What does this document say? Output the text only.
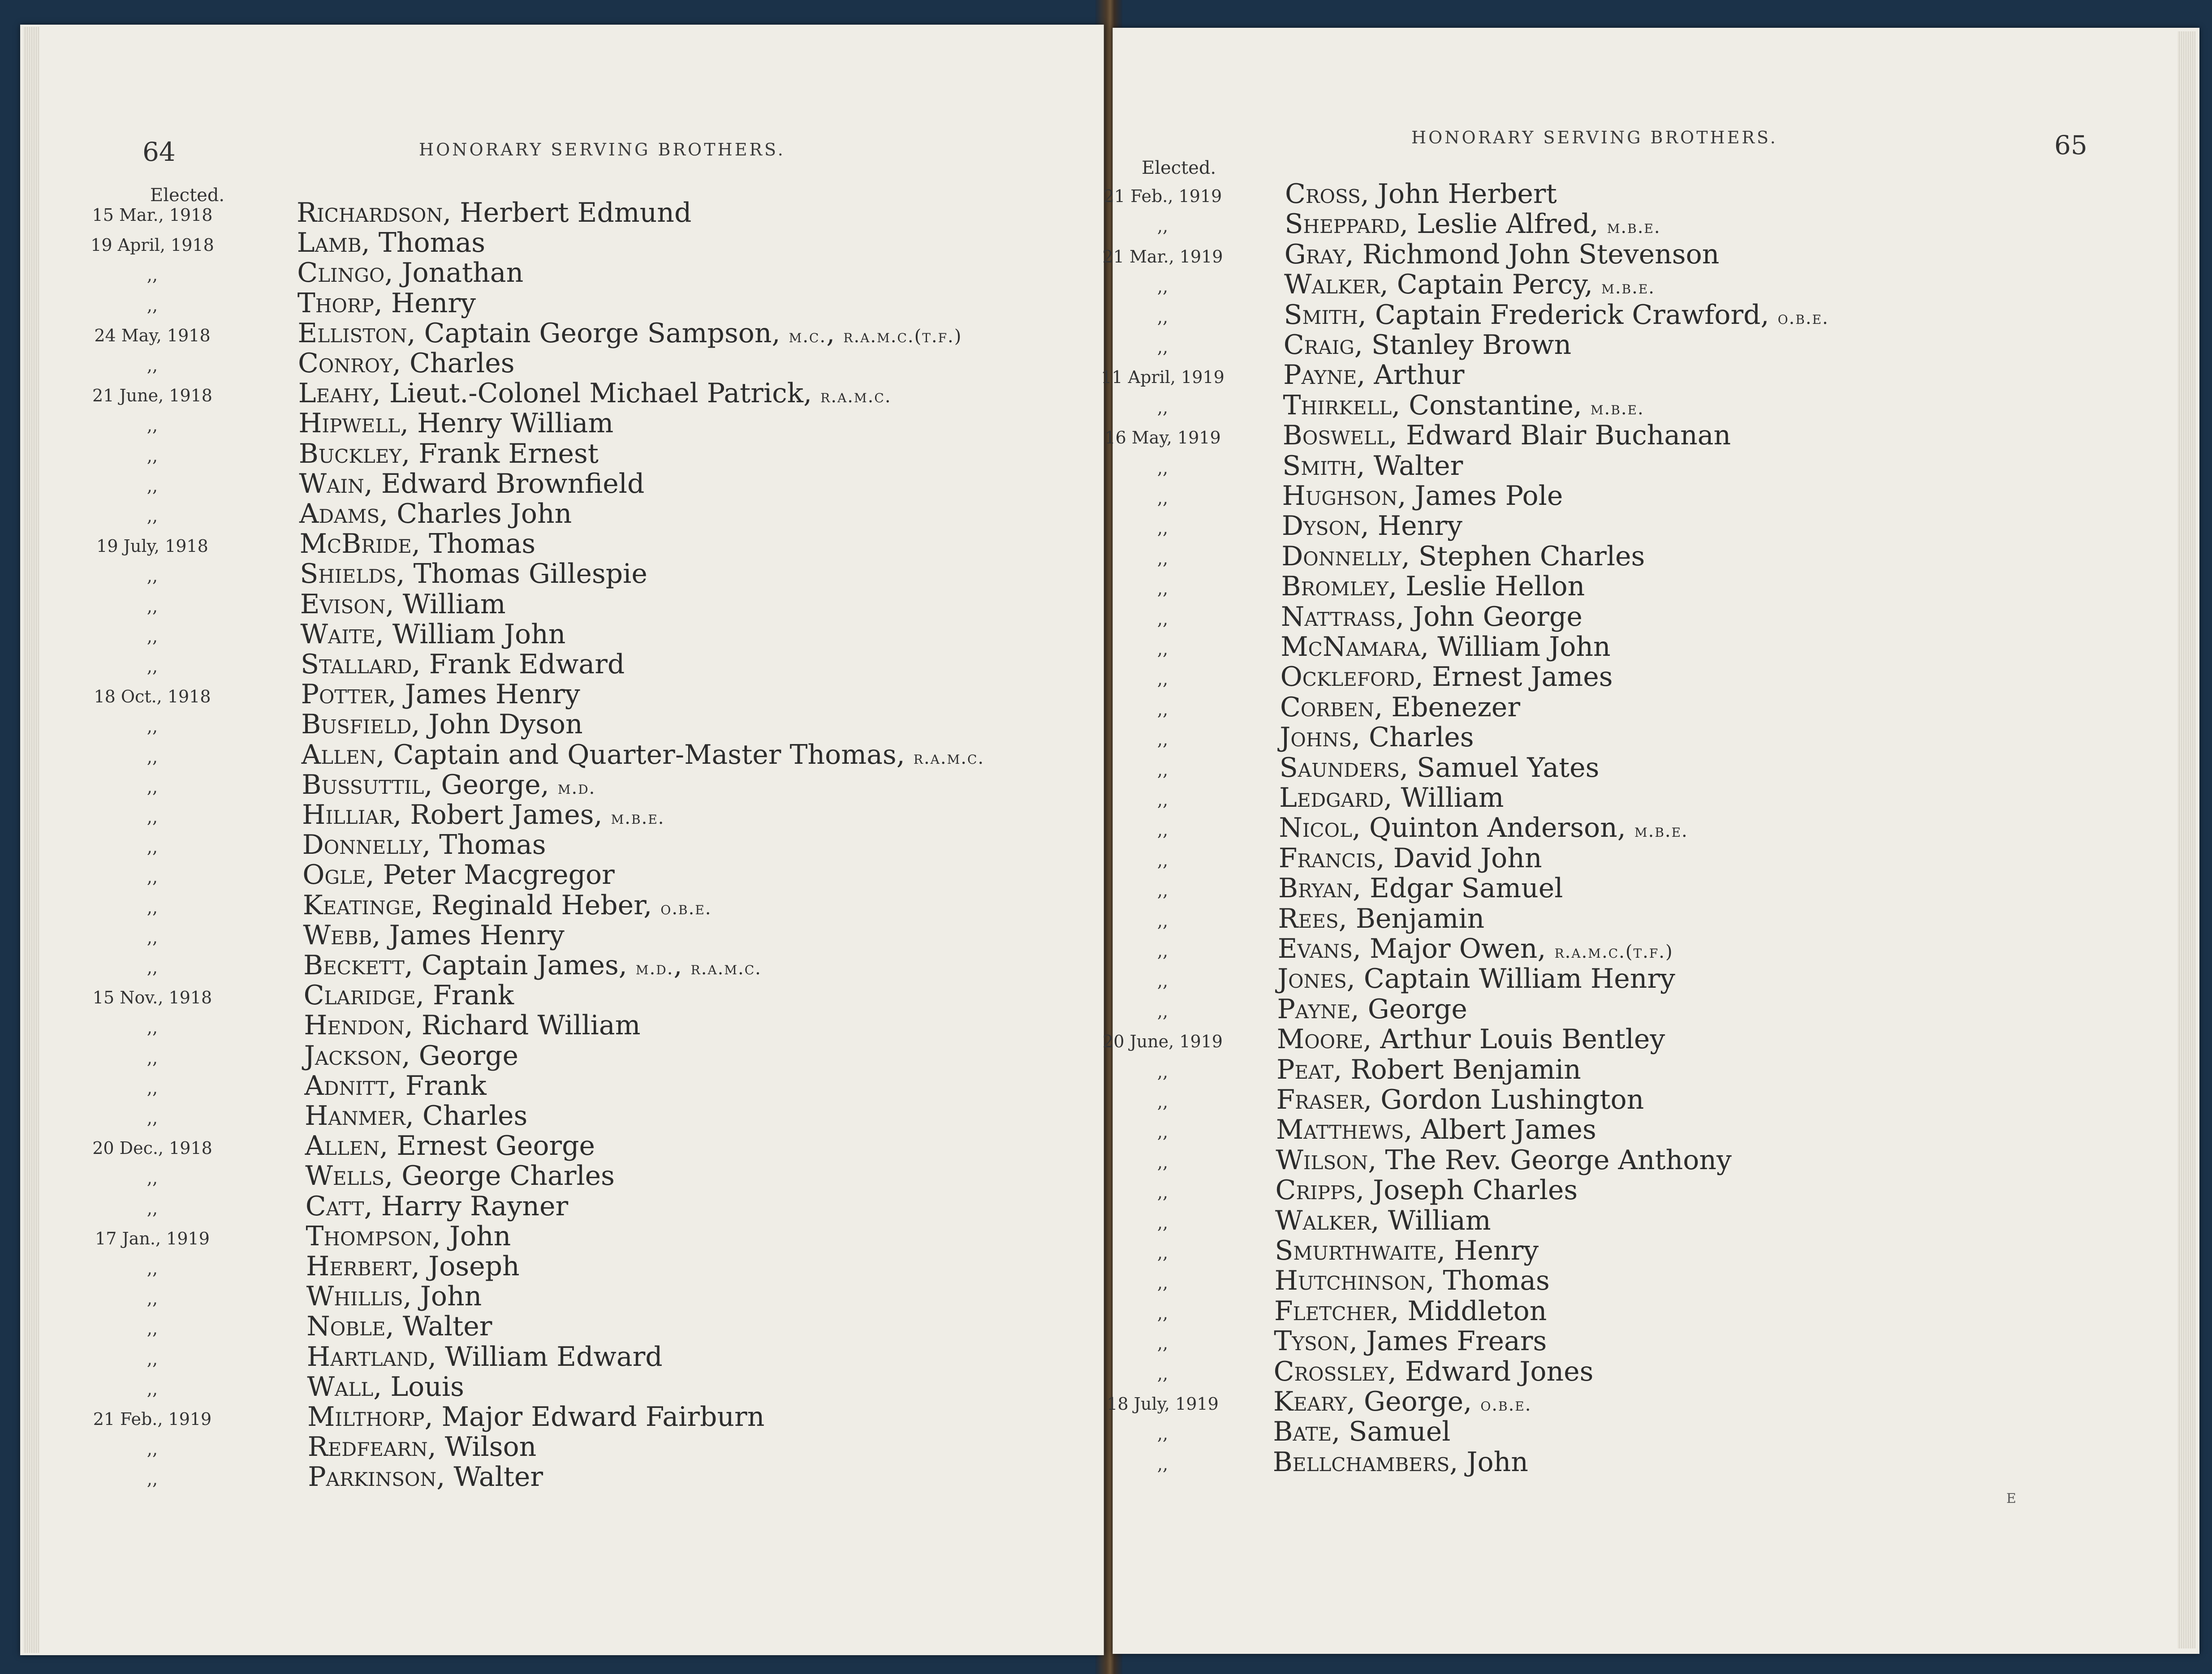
64	HONORARY SERVING BROTHERS.
Elected.
15 Mar., 1918	Richardson, Herbert Edmund
19 April, 1918	Lamb, Thomas
,,	Clingo, Jonathan
,,	Thorp, Henry
24 May, 1918	Elliston, Captain George Sampson, m.c., r.a.m.c.(t.f.)
,,	Conroy, Charles
21 June, 1918	Leahy, Lieut.-Colonel Michael Patrick, r.a.m.c.
,,	Hipwell, Henry William
,,	Buckley, Frank Ernest
,,	Wain, Edward Brownfield
,,	Adams, Charles John
19 July, 1918	McBride, Thomas
,,	Shields, Thomas Gillespie
,,	Evison, William
,,	Waite, William John
,,	Stallard, Frank Edward
18 Oct., 1918	Potter, James Henry
,,	Busfield, John Dyson
,,	Allen, Captain and Quarter-Master Thomas, r.a.m.c.
,,	Bussuttil, George, m.d.
,,	Hilliar, Robert James, m.b.e.
,,	Donnelly, Thomas
,,	Ogle, Peter Macgregor
,,	Keatinge, Reginald Heber, o.b.e.
,,	Webb, James Henry
,,	Beckett, Captain James, m.d., r.a.m.c.
15 Nov., 1918	Claridge, Frank
,,	Hendon, Richard William
,,	Jackson, George
,,	Adnitt, Frank
,,	Hanmer, Charles
20 Dec., 1918	Allen, Ernest George
,,	Wells, George Charles
,,	Catt, Harry Rayner
17 Jan., 1919	Thompson, John
,,	Herbert, Joseph
,,	Whillis, John
,,	Noble, Walter
,,	Hartland, William Edward
,,	Wall, Louis
21 Feb., 1919	Milthorp, Major Edward Fairburn
,,	Redfearn, Wilson
,,	Parkinson, Walter
65
HONORARY SERVING BROTHERS.
Elected.
21 Feb., 1919 Cross, John Herbert
,,	Sheppard, Leslie Alfred, m.b.e.
21 Mar., 1919 Gray, Richmond John Stevenson
,,	Walker, Captain Percy, m.b.e.
,,	Smith, Captain Frederick Crawford, o.b.e.
,,	Craig, Stanley Brown
11 April, 1919 Payne, Arthur
,,	Thirkell, Constantine, m.b.e.
16 May, 1919	Boswell, Edward Blair Buchanan
,,	Smith, Walter
,,	Hughson, James Pole
,,	Dyson, Henry
,,	Donnelly, Stephen Charles
,,	Bromley, Leslie Hellon
,,	Nattrass, John George
,,	McNamara, William John
,,	Ockleford, Ernest James
,,	Corben, Ebenezer
,,	Johns, Charles
,,	Saunders, Samuel Yates
,,	Ledgard, William
,,	Nicol, Quinton Anderson, m.b.e.
,,	Francis, David John
,,	Bryan, Edgar Samuel
,,	Rees, Benjamin
,,	Evans, Major Owen, r.a.m.c.(t.f.)
,,	Jones, Captain William Henry
,,	Payne, George
20 June, 1919 Moore, Arthur Louis Bentley
,,	Peat, Robert Benjamin
,,	Fraser, Gordon Lushington
,,	Matthews, Albert James
,,	Wilson, The Rev. George Anthony
,,	Cripps, Joseph Charles
,,	Walker, William
,,	Smurthwaite, Henry
,,	Hutchinson, Thomas
,,	Fletcher, Middleton
,,	Tyson, James Frears
,,	Crossley, Edward Jones
18 July, 1919	Keary, George, o.b.e.
,,	Bate, Samuel
,,	Bellchambers, John
E
